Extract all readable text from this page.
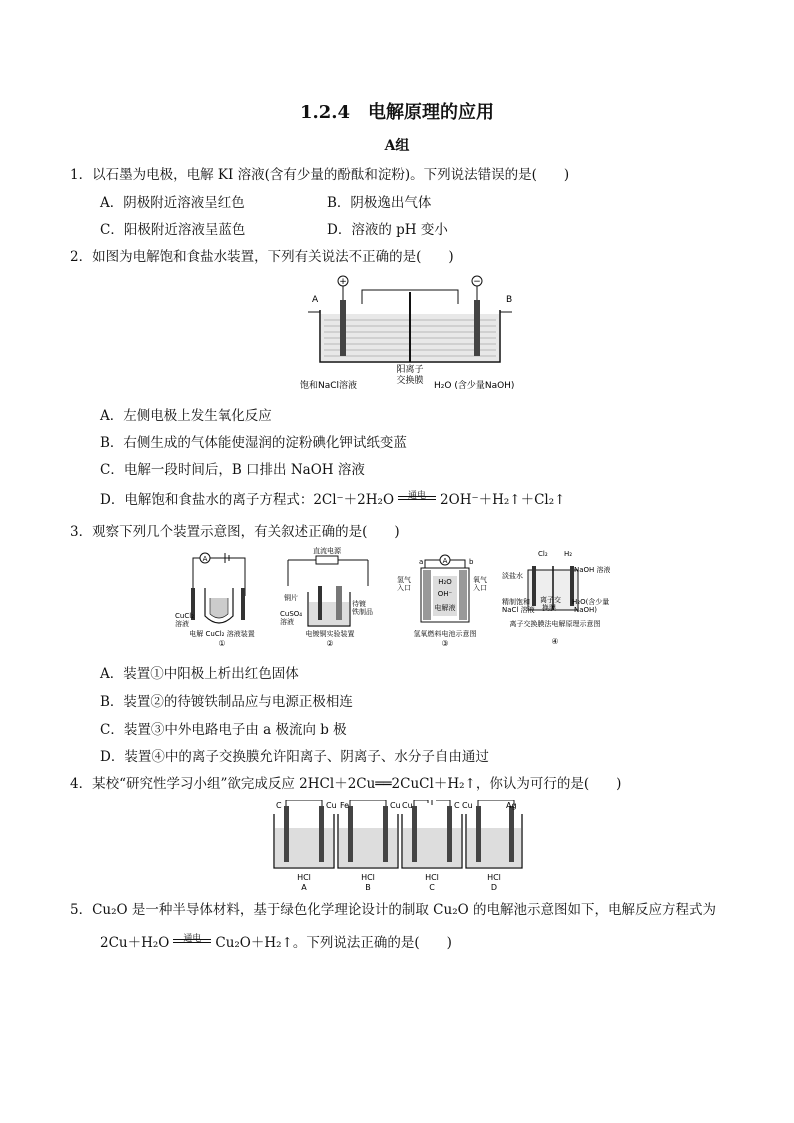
1.2.4　电解原理的应用
A组
1．以石墨为电极，电解 KI 溶液(含有少量的酚酞和淀粉)。下列说法错误的是(　　)
A．阴极附近溶液呈红色	B．阴极逸出气体
C．阳极附近溶液呈蓝色	D．溶液的 pH 变小
2．如图为电解饱和食盐水装置，下列有关说法不正确的是(　　)
+	−
A	B
阳离子
交换膜
饱和NaCl溶液	H₂O (含少量NaOH)
A．左侧电极上发生氧化反应
B．右侧生成的气体能使湿润的淀粉碘化钾试纸变蓝
C．电解一段时间后，B 口排出 NaOH 溶液
D．电解饱和食盐水的离子方程式：2Cl⁻＋2H₂O	通电	2OH⁻＋H₂↑＋Cl₂↑
3．观察下列几个装置示意图，有关叙述正确的是(　　)
A
CuCl₂
溶液
电解 CuCl₂ 溶液装置
①
直流电源
铜片
CuSO₄
溶液
待镀
铁制品
电镀铜实验装置
②
A
a	b
H₂O
OH⁻
电解液
氢气
入口
氧气
入口
氢氧燃料电池示意图
③
Cl₂ H₂
淡盐水
NaOH 溶液
精制饱和
NaCl 溶液
离子交
换膜
H₂O(含少量
NaOH)
离子交换膜法电解原理示意图
④
A．装置①中阳极上析出红色固体
B．装置②的待镀铁制品应与电源正极相连
C．装置③中外电路电子由 a 极流向 b 极
D．装置④中的离子交换膜允许阳离子、阴离子、水分子自由通过
4．某校“研究性学习小组”欲完成反应 2HCl＋2Cu══2CuCl＋H₂↑，你认为可行的是(　　)
C	Cu
HCl
A
Fe	Cu
HCl
B
Cu	C
HCl
C
Cu	Ag
HCl
D
5．Cu₂O 是一种半导体材料，基于绿色化学理论设计的制取 Cu₂O 的电解池示意图如下，电解反应方程式为
2Cu＋H₂O	通电	Cu₂O＋H₂↑。下列说法正确的是(　　)
